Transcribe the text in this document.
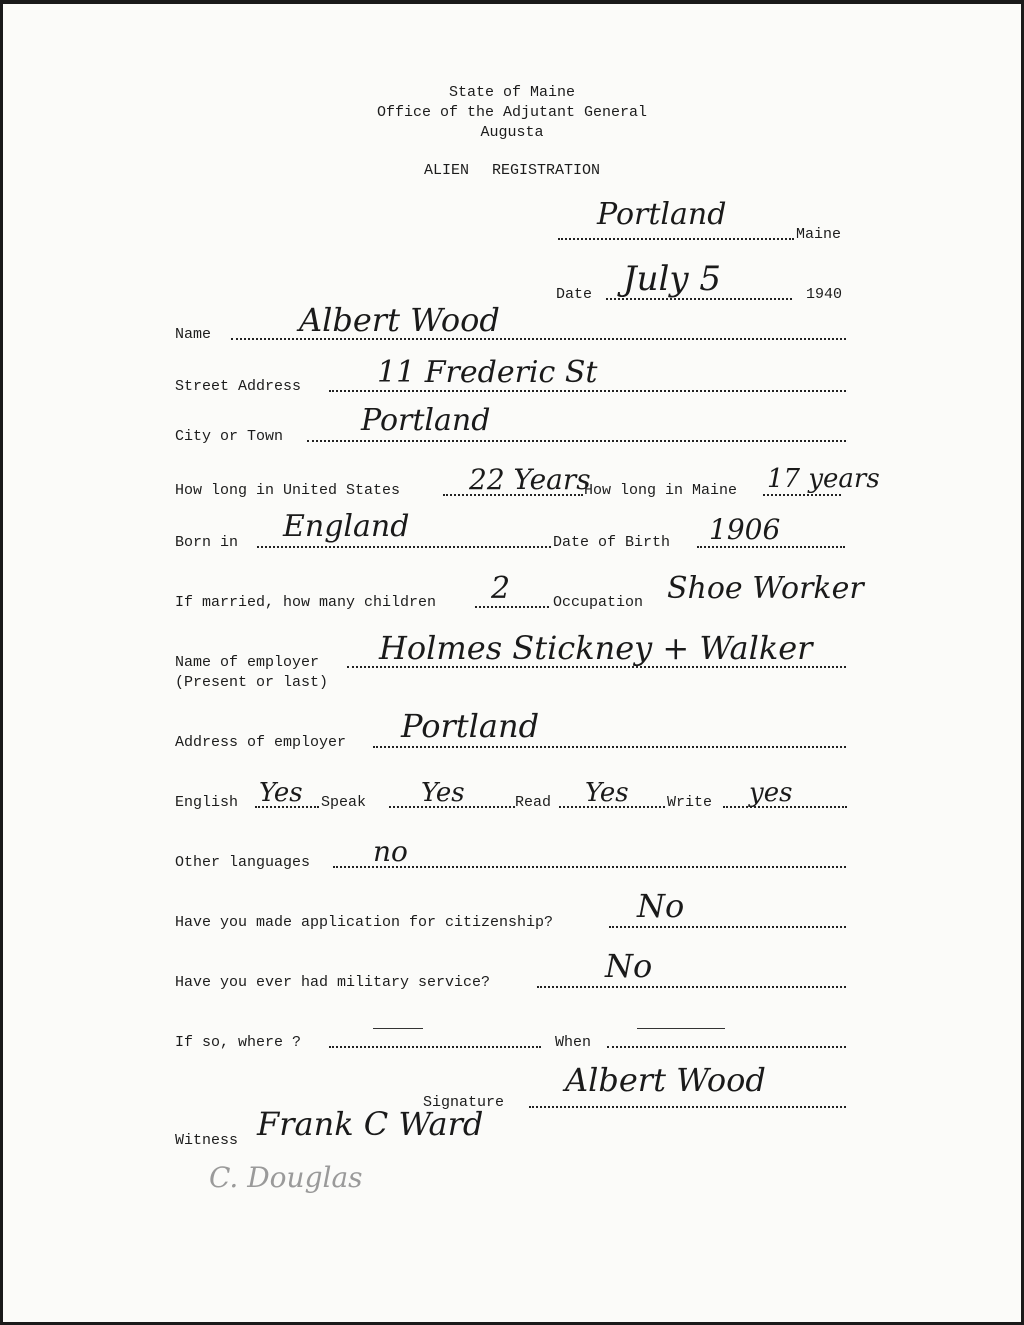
State of Maine
Office of the Adjutant General
Augusta
ALIEN REGISTRATION
Portland
Maine
Date July 5	1940
Name	Albert Wood
Street Address	11 Frederic St
City or Town	Portland
How long in United States 22 Years
How long in Maine 17 years
Born in England	Date of Birth 1906
If married, how many children 2	Occupation Shoe Worker
Name of employer
(Present or last)
Holmes Stickney + Walker
Address of employer Portland
English Yes Speak Yes	Read Yes	Write yes
Other languages no
Have you made application for citizenship?	No
Have you ever had military service?	No
If so, where ?	When
Signature
Albert Wood
Witness Frank C Ward
C. Douglas
